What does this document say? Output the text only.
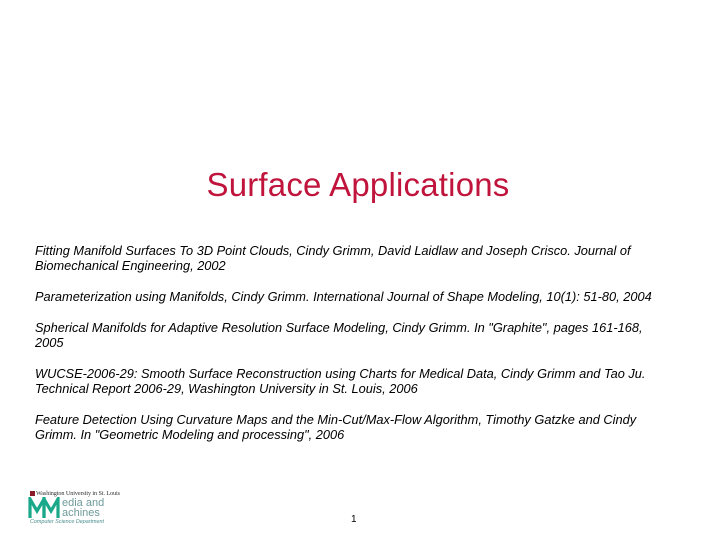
Surface Applications

Fitting Manifold Surfaces To 3D Point Clouds, Cindy Grimm, David Laidlaw and Joseph Crisco. Journal of Biomechanical Engineering, 2002

Parameterization using Manifolds, Cindy Grimm. International Journal of Shape Modeling, 10(1): 51-80, 2004

Spherical Manifolds for Adaptive Resolution Surface Modeling, Cindy Grimm. In "Graphite", pages 161-168, 2005

WUCSE-2006-29: Smooth Surface Reconstruction using Charts for Medical Data, Cindy Grimm and Tao Ju. Technical Report 2006-29, Washington University in St. Louis, 2006

Feature Detection Using Curvature Maps and the Min-Cut/Max-Flow Algorithm, Timothy Gatzke and Cindy Grimm. In "Geometric Modeling and processing", 2006

Washington University in St. Louis
edia and
achines
Computer Science Department	1
